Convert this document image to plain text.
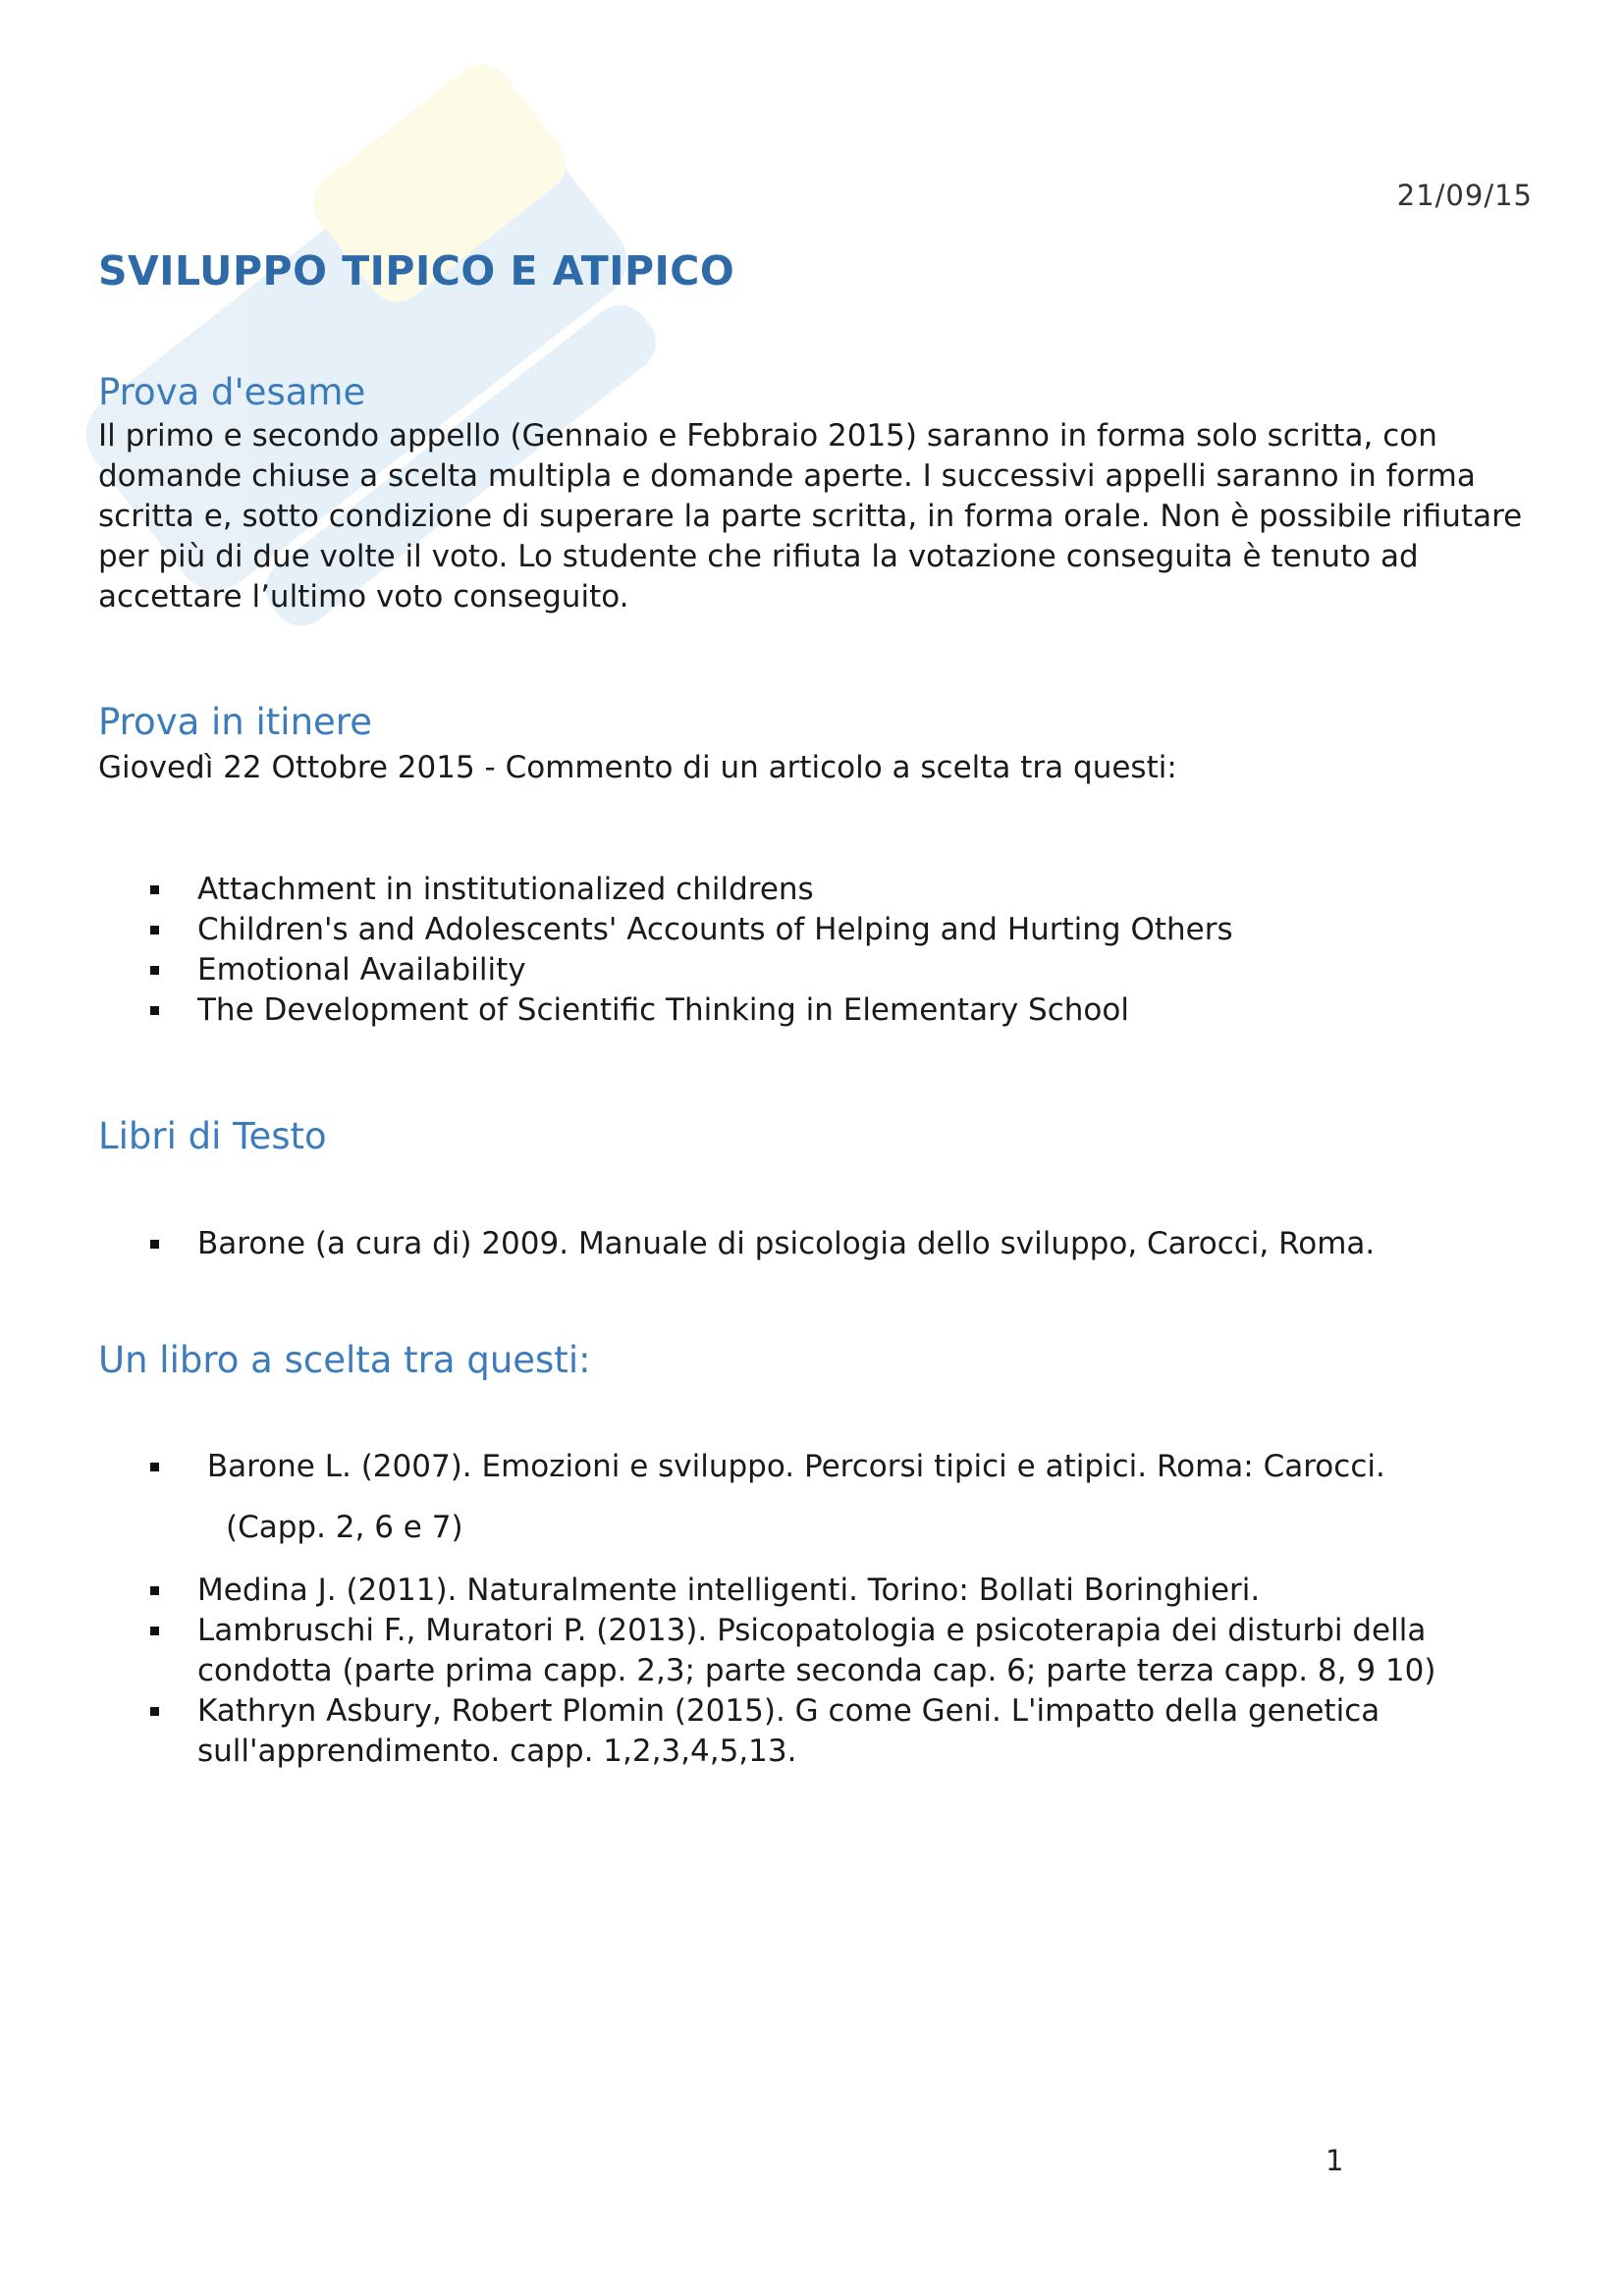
21/09/15
SVILUPPO TIPICO E ATIPICO
Prova d'esame

Il primo e secondo appello (Gennaio e Febbraio 2015) saranno in forma solo scritta, con domande chiuse a scelta multipla e domande aperte. I successivi appelli saranno in forma scritta e, sotto condizione di superare la parte scritta, in forma orale. Non è possibile rifiutare per più di due volte il voto. Lo studente che rifiuta la votazione conseguita è tenuto ad accettare l’ultimo voto conseguito.

Prova in itinere

Giovedì 22 Ottobre 2015 - Commento di un articolo a scelta tra questi:

Attachment in institutionalized childrens
Children's and Adolescents' Accounts of Helping and Hurting Others
Emotional Availability
The Development of Scientific Thinking in Elementary School
Libri di Testo
Barone (a cura di) 2009. Manuale di psicologia dello sviluppo, Carocci, Roma.
Un libro a scelta tra questi:
Barone L. (2007). Emozioni e sviluppo. Percorsi tipici e atipici. Roma: Carocci.
(Capp. 2, 6 e 7)
Medina J. (2011). Naturalmente intelligenti. Torino: Bollati Boringhieri.
Lambruschi F., Muratori P. (2013). Psicopatologia e psicoterapia dei disturbi della condotta (parte prima capp. 2,3; parte seconda cap. 6; parte terza capp. 8, 9 10)
Kathryn Asbury, Robert Plomin (2015). G come Geni. L'impatto della genetica sull'apprendimento. capp. 1,2,3,4,5,13.
1
